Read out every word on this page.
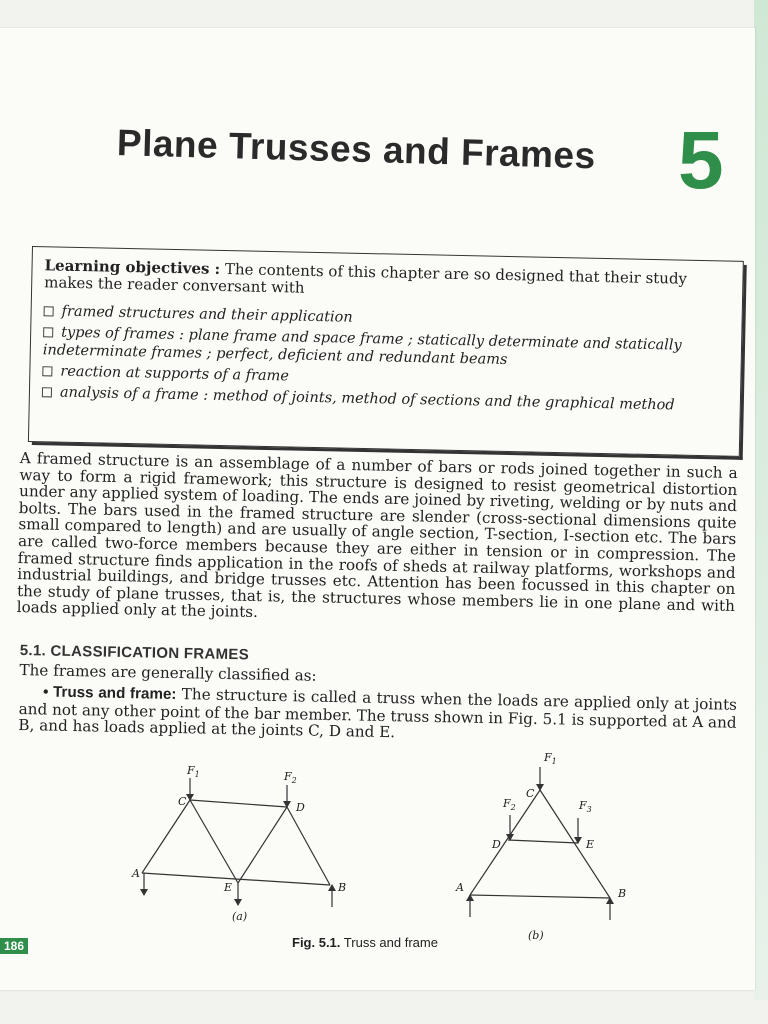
Plane Trusses and Frames 5
Learning objectives : The contents of this chapter are so designed that their study makes the reader conversant with
framed structures and their application
types of frames : plane frame and space frame ; statically determinate and statically indeterminate frames ; perfect, deficient and redundant beams
reaction at supports of a frame
analysis of a frame : method of joints, method of sections and the graphical method
A framed structure is an assemblage of a number of bars or rods joined together in such a way to form a rigid framework; this structure is designed to resist geometrical distortion under any applied system of loading. The ends are joined by riveting, welding or by nuts and bolts. The bars used in the framed structure are slender (cross-sectional dimensions quite small compared to length) and are usually of angle section, T-section, I-section etc. The bars are called two-force members because they are either in tension or in compression. The framed structure finds application in the roofs of sheds at railway platforms, workshops and industrial buildings, and bridge trusses etc. Attention has been focussed in this chapter on the study of plane trusses, that is, the structures whose members lie in one plane and with loads applied only at the joints.
5.1. CLASSIFICATION FRAMES
The frames are generally classified as:
• Truss and frame: The structure is called a truss when the loads are applied only at joints and not any other point of the bar member. The truss shown in Fig. 5.1 is supported at A and B, and has loads applied at the joints C, D and E.
$F_1$	$F_2$
C	D
A
E	B
(a)
$F_1$
$F_2$	$F_3$
C
D	E
A	B
(b)
Fig. 5.1. Truss and frame
186
